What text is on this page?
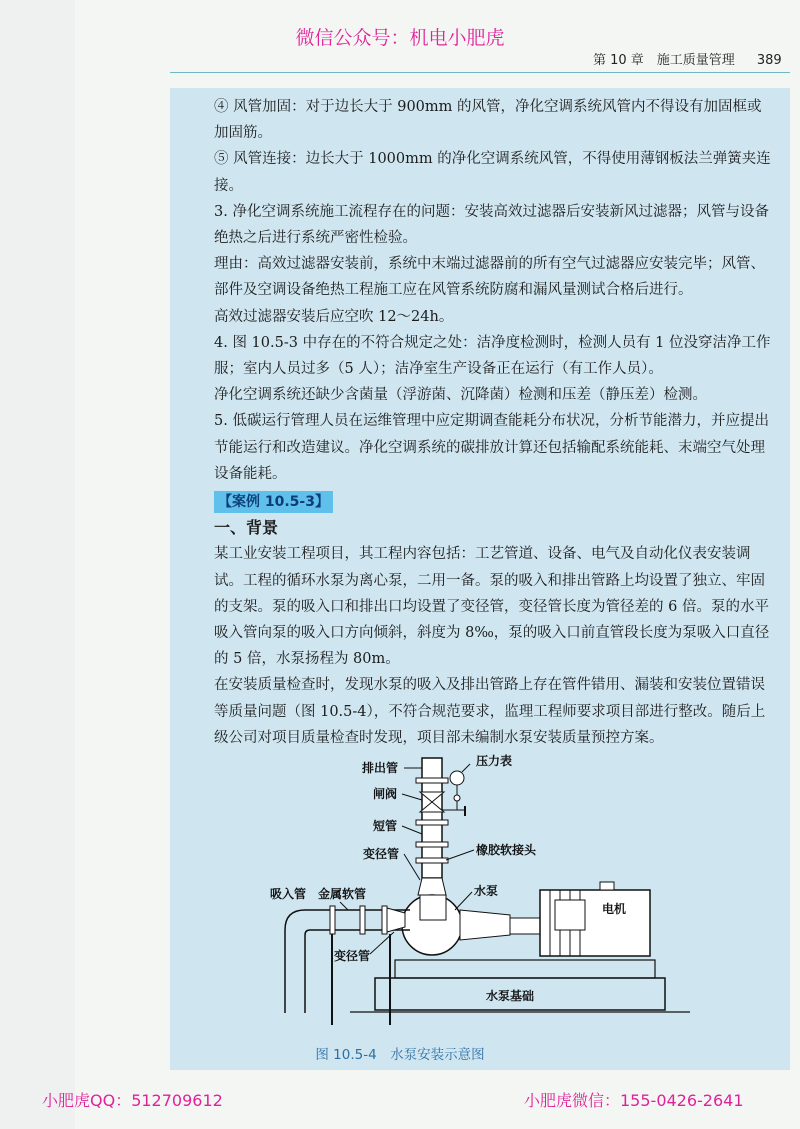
微信公众号：机电小肥虎
第 10 章　施工质量管理 389

④ 风管加固：对于边长大于 900mm 的风管，净化空调系统风管内不得设有加固框或加固筋。

⑤ 风管连接：边长大于 1000mm 的净化空调系统风管，不得使用薄钢板法兰弹簧夹连接。

3. 净化空调系统施工流程存在的问题：安装高效过滤器后安装新风过滤器；风管与设备绝热之后进行系统严密性检验。

理由：高效过滤器安装前，系统中末端过滤器前的所有空气过滤器应安装完毕；风管、部件及空调设备绝热工程施工应在风管系统防腐和漏风量测试合格后进行。

高效过滤器安装后应空吹 12～24h。

4. 图 10.5-3 中存在的不符合规定之处：洁净度检测时，检测人员有 1 位没穿洁净工作服；室内人员过多（5 人）；洁净室生产设备正在运行（有工作人员）。

净化空调系统还缺少含菌量（浮游菌、沉降菌）检测和压差（静压差）检测。

5. 低碳运行管理人员在运维管理中应定期调查能耗分布状况，分析节能潜力，并应提出节能运行和改造建议。净化空调系统的碳排放计算还包括输配系统能耗、末端空气处理设备能耗。

【案例 10.5-3】

一、背景

某工业安装工程项目，其工程内容包括：工艺管道、设备、电气及自动化仪表安装调试。工程的循环水泵为离心泵，二用一备。泵的吸入和排出管路上均设置了独立、牢固的支架。泵的吸入口和排出口均设置了变径管，变径管长度为管径差的 6 倍。泵的水平吸入管向泵的吸入口方向倾斜，斜度为 8‰，泵的吸入口前直管段长度为泵吸入口直径的 5 倍，水泵扬程为 80m。

在安装质量检查时，发现水泵的吸入及排出管路上存在管件错用、漏装和安装位置错误等质量问题（图 10.5-4），不符合规范要求，监理工程师要求项目部进行整改。随后上级公司对项目质量检查时发现，项目部未编制水泵安装质量预控方案。

排出管
闸阀
短管
变径管
压力表
橡胶软接头
吸入管 金属软管	水泵
电机
变径管
水泵基础
图 10.5-4　水泵安装示意图
小肥虎QQ：512709612	小肥虎微信：155-0426-2641
